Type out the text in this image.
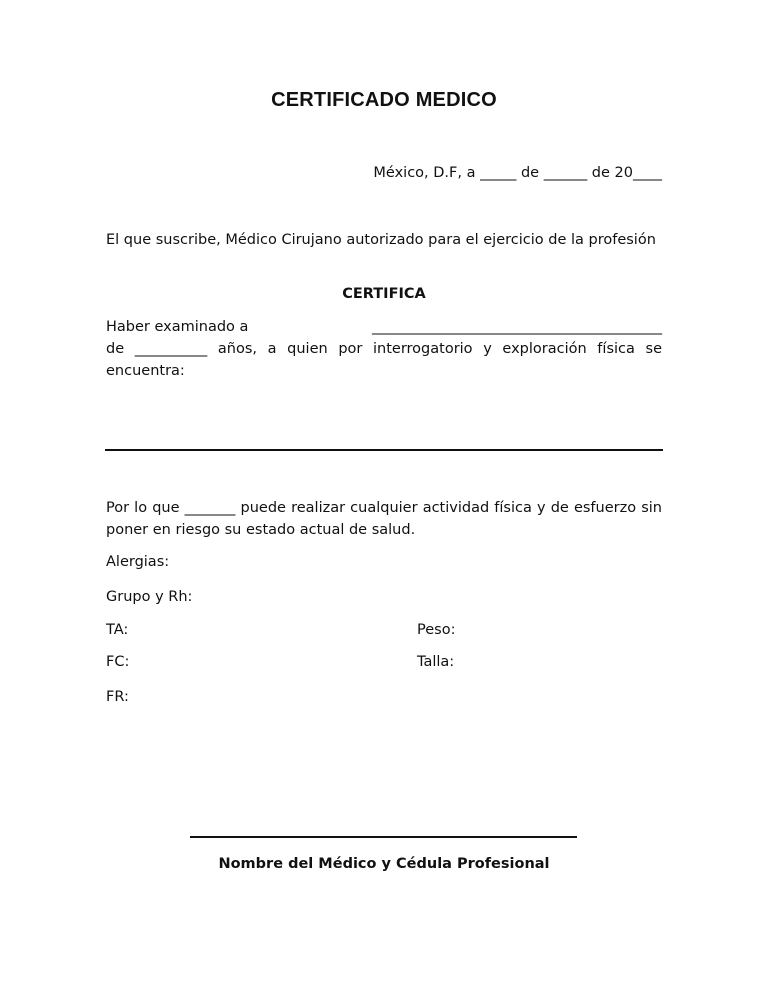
CERTIFICADO MEDICO
México, D.F, a _____ de ______ de 20____
El que suscribe, Médico Cirujano autorizado para el ejercicio de la profesión
CERTIFICA
Haber examinado a	________________________________________
de __________ años, a quien por interrogatorio y exploración física se
encuentra:
Por lo que _______ puede realizar cualquier actividad física y de esfuerzo sin poner en riesgo su estado actual de salud.
Alergias:
Grupo y Rh:
TA:	Peso:
FC:	Talla:
FR:
Nombre del Médico y Cédula Profesional
